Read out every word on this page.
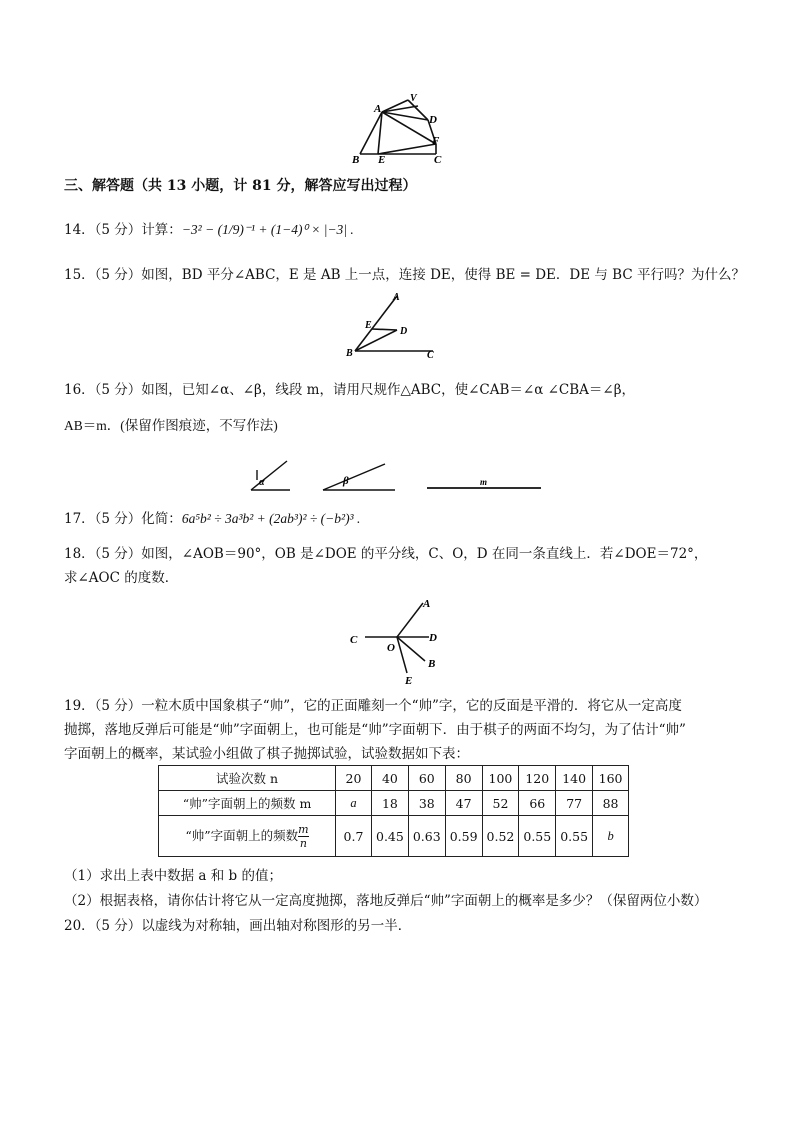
A
V
D
F
B E	C
三、解答题（共 13 小题，计 81 分，解答应写出过程）
14．（5 分）计算：−3² − (1/9)⁻¹ + (1−4)⁰ × |−3| .
15．（5 分）如图，BD 平分∠ABC，E 是 AB 上一点，连接 DE，使得 BE = DE．DE 与 BC 平行吗？为什么？
A
E
D
B	C
16．（5 分）如图，已知∠α、∠β，线段 m，请用尺规作△ABC，使∠CAB＝∠α ∠CBA＝∠β，
AB＝m．(保留作图痕迹，不写作法)
α	β	m
17．（5 分）化简：6a⁵b² ÷ 3a³b² + (2ab³)² ÷ (−b²)³ .
18．（5 分）如图，∠AOB＝90°，OB 是∠DOE 的平分线，C、O，D 在同一条直线上．若∠DOE＝72°，
求∠AOC 的度数．
C
A
D
O
B
E
19．（5 分）一粒木质中国象棋子“帅”，它的正面雕刻一个“帅”字，它的反面是平滑的．将它从一定高度
抛掷，落地反弹后可能是“帅”字面朝上，也可能是“帅”字面朝下．由于棋子的两面不均匀，为了估计“帅”
字面朝上的概率，某试验小组做了棋子抛掷试验，试验数据如下表：
试验次数 n	20	40	60	80	100	120	140	160
“帅”字面朝上的频数 m	a	18	38	47	52	66	77	88
“帅”字面朝上的频数 $\frac{m}{n}$	0.7	0.45	0.63	0.59	0.52	0.55	0.55	b
（1）求出上表中数据 a 和 b 的值；
（2）根据表格，请你估计将它从一定高度抛掷，落地反弹后“帅”字面朝上的概率是多少？（保留两位小数）
20．（5 分）以虚线为对称轴，画出轴对称图形的另一半．
